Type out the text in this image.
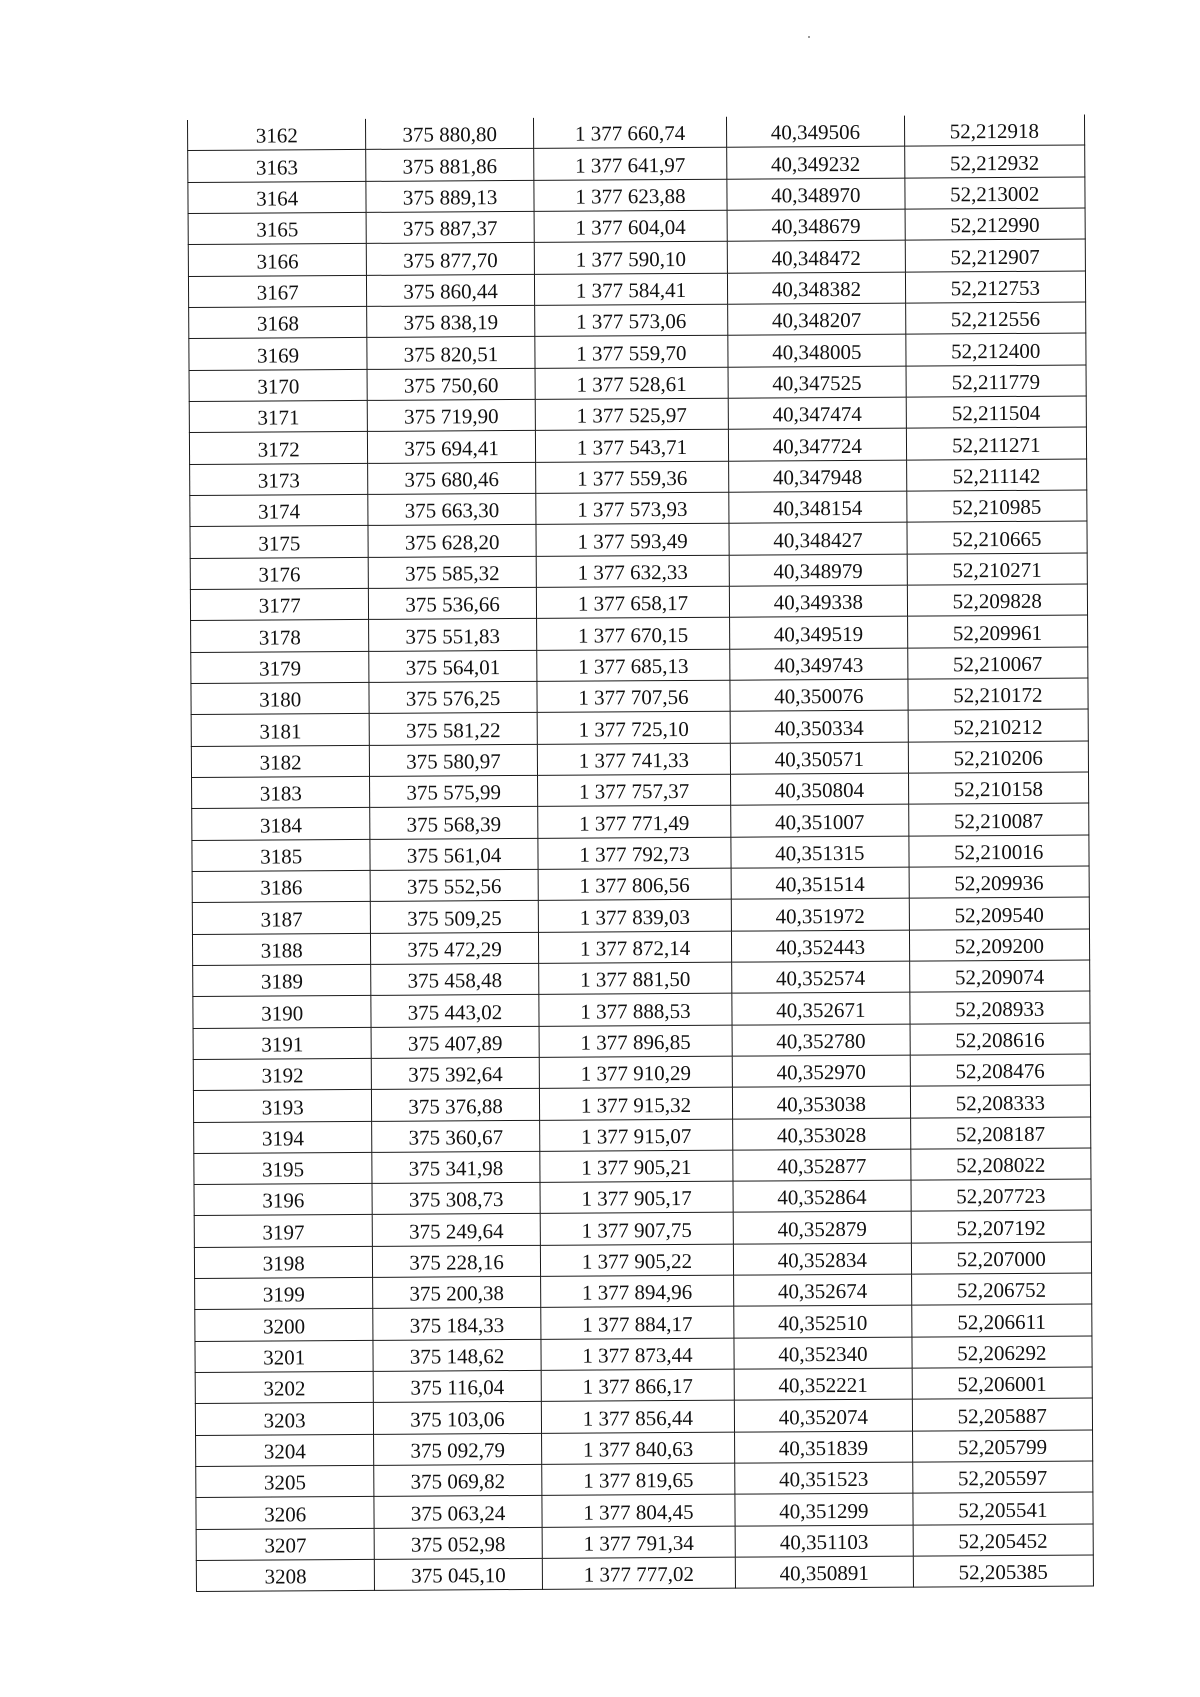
3162	375 880,80	1 377 660,74	40,349506	52,212918
3163	375 881,86	1 377 641,97	40,349232	52,212932
3164	375 889,13	1 377 623,88	40,348970	52,213002
3165	375 887,37	1 377 604,04	40,348679	52,212990
3166	375 877,70	1 377 590,10	40,348472	52,212907
3167	375 860,44	1 377 584,41	40,348382	52,212753
3168	375 838,19	1 377 573,06	40,348207	52,212556
3169	375 820,51	1 377 559,70	40,348005	52,212400
3170	375 750,60	1 377 528,61	40,347525	52,211779
3171	375 719,90	1 377 525,97	40,347474	52,211504
3172	375 694,41	1 377 543,71	40,347724	52,211271
3173	375 680,46	1 377 559,36	40,347948	52,211142
3174	375 663,30	1 377 573,93	40,348154	52,210985
3175	375 628,20	1 377 593,49	40,348427	52,210665
3176	375 585,32	1 377 632,33	40,348979	52,210271
3177	375 536,66	1 377 658,17	40,349338	52,209828
3178	375 551,83	1 377 670,15	40,349519	52,209961
3179	375 564,01	1 377 685,13	40,349743	52,210067
3180	375 576,25	1 377 707,56	40,350076	52,210172
3181	375 581,22	1 377 725,10	40,350334	52,210212
3182	375 580,97	1 377 741,33	40,350571	52,210206
3183	375 575,99	1 377 757,37	40,350804	52,210158
3184	375 568,39	1 377 771,49	40,351007	52,210087
3185	375 561,04	1 377 792,73	40,351315	52,210016
3186	375 552,56	1 377 806,56	40,351514	52,209936
3187	375 509,25	1 377 839,03	40,351972	52,209540
3188	375 472,29	1 377 872,14	40,352443	52,209200
3189	375 458,48	1 377 881,50	40,352574	52,209074
3190	375 443,02	1 377 888,53	40,352671	52,208933
3191	375 407,89	1 377 896,85	40,352780	52,208616
3192	375 392,64	1 377 910,29	40,352970	52,208476
3193	375 376,88	1 377 915,32	40,353038	52,208333
3194	375 360,67	1 377 915,07	40,353028	52,208187
3195	375 341,98	1 377 905,21	40,352877	52,208022
3196	375 308,73	1 377 905,17	40,352864	52,207723
3197	375 249,64	1 377 907,75	40,352879	52,207192
3198	375 228,16	1 377 905,22	40,352834	52,207000
3199	375 200,38	1 377 894,96	40,352674	52,206752
3200	375 184,33	1 377 884,17	40,352510	52,206611
3201	375 148,62	1 377 873,44	40,352340	52,206292
3202	375 116,04	1 377 866,17	40,352221	52,206001
3203	375 103,06	1 377 856,44	40,352074	52,205887
3204	375 092,79	1 377 840,63	40,351839	52,205799
3205	375 069,82	1 377 819,65	40,351523	52,205597
3206	375 063,24	1 377 804,45	40,351299	52,205541
3207	375 052,98	1 377 791,34	40,351103	52,205452
3208	375 045,10	1 377 777,02	40,350891	52,205385
